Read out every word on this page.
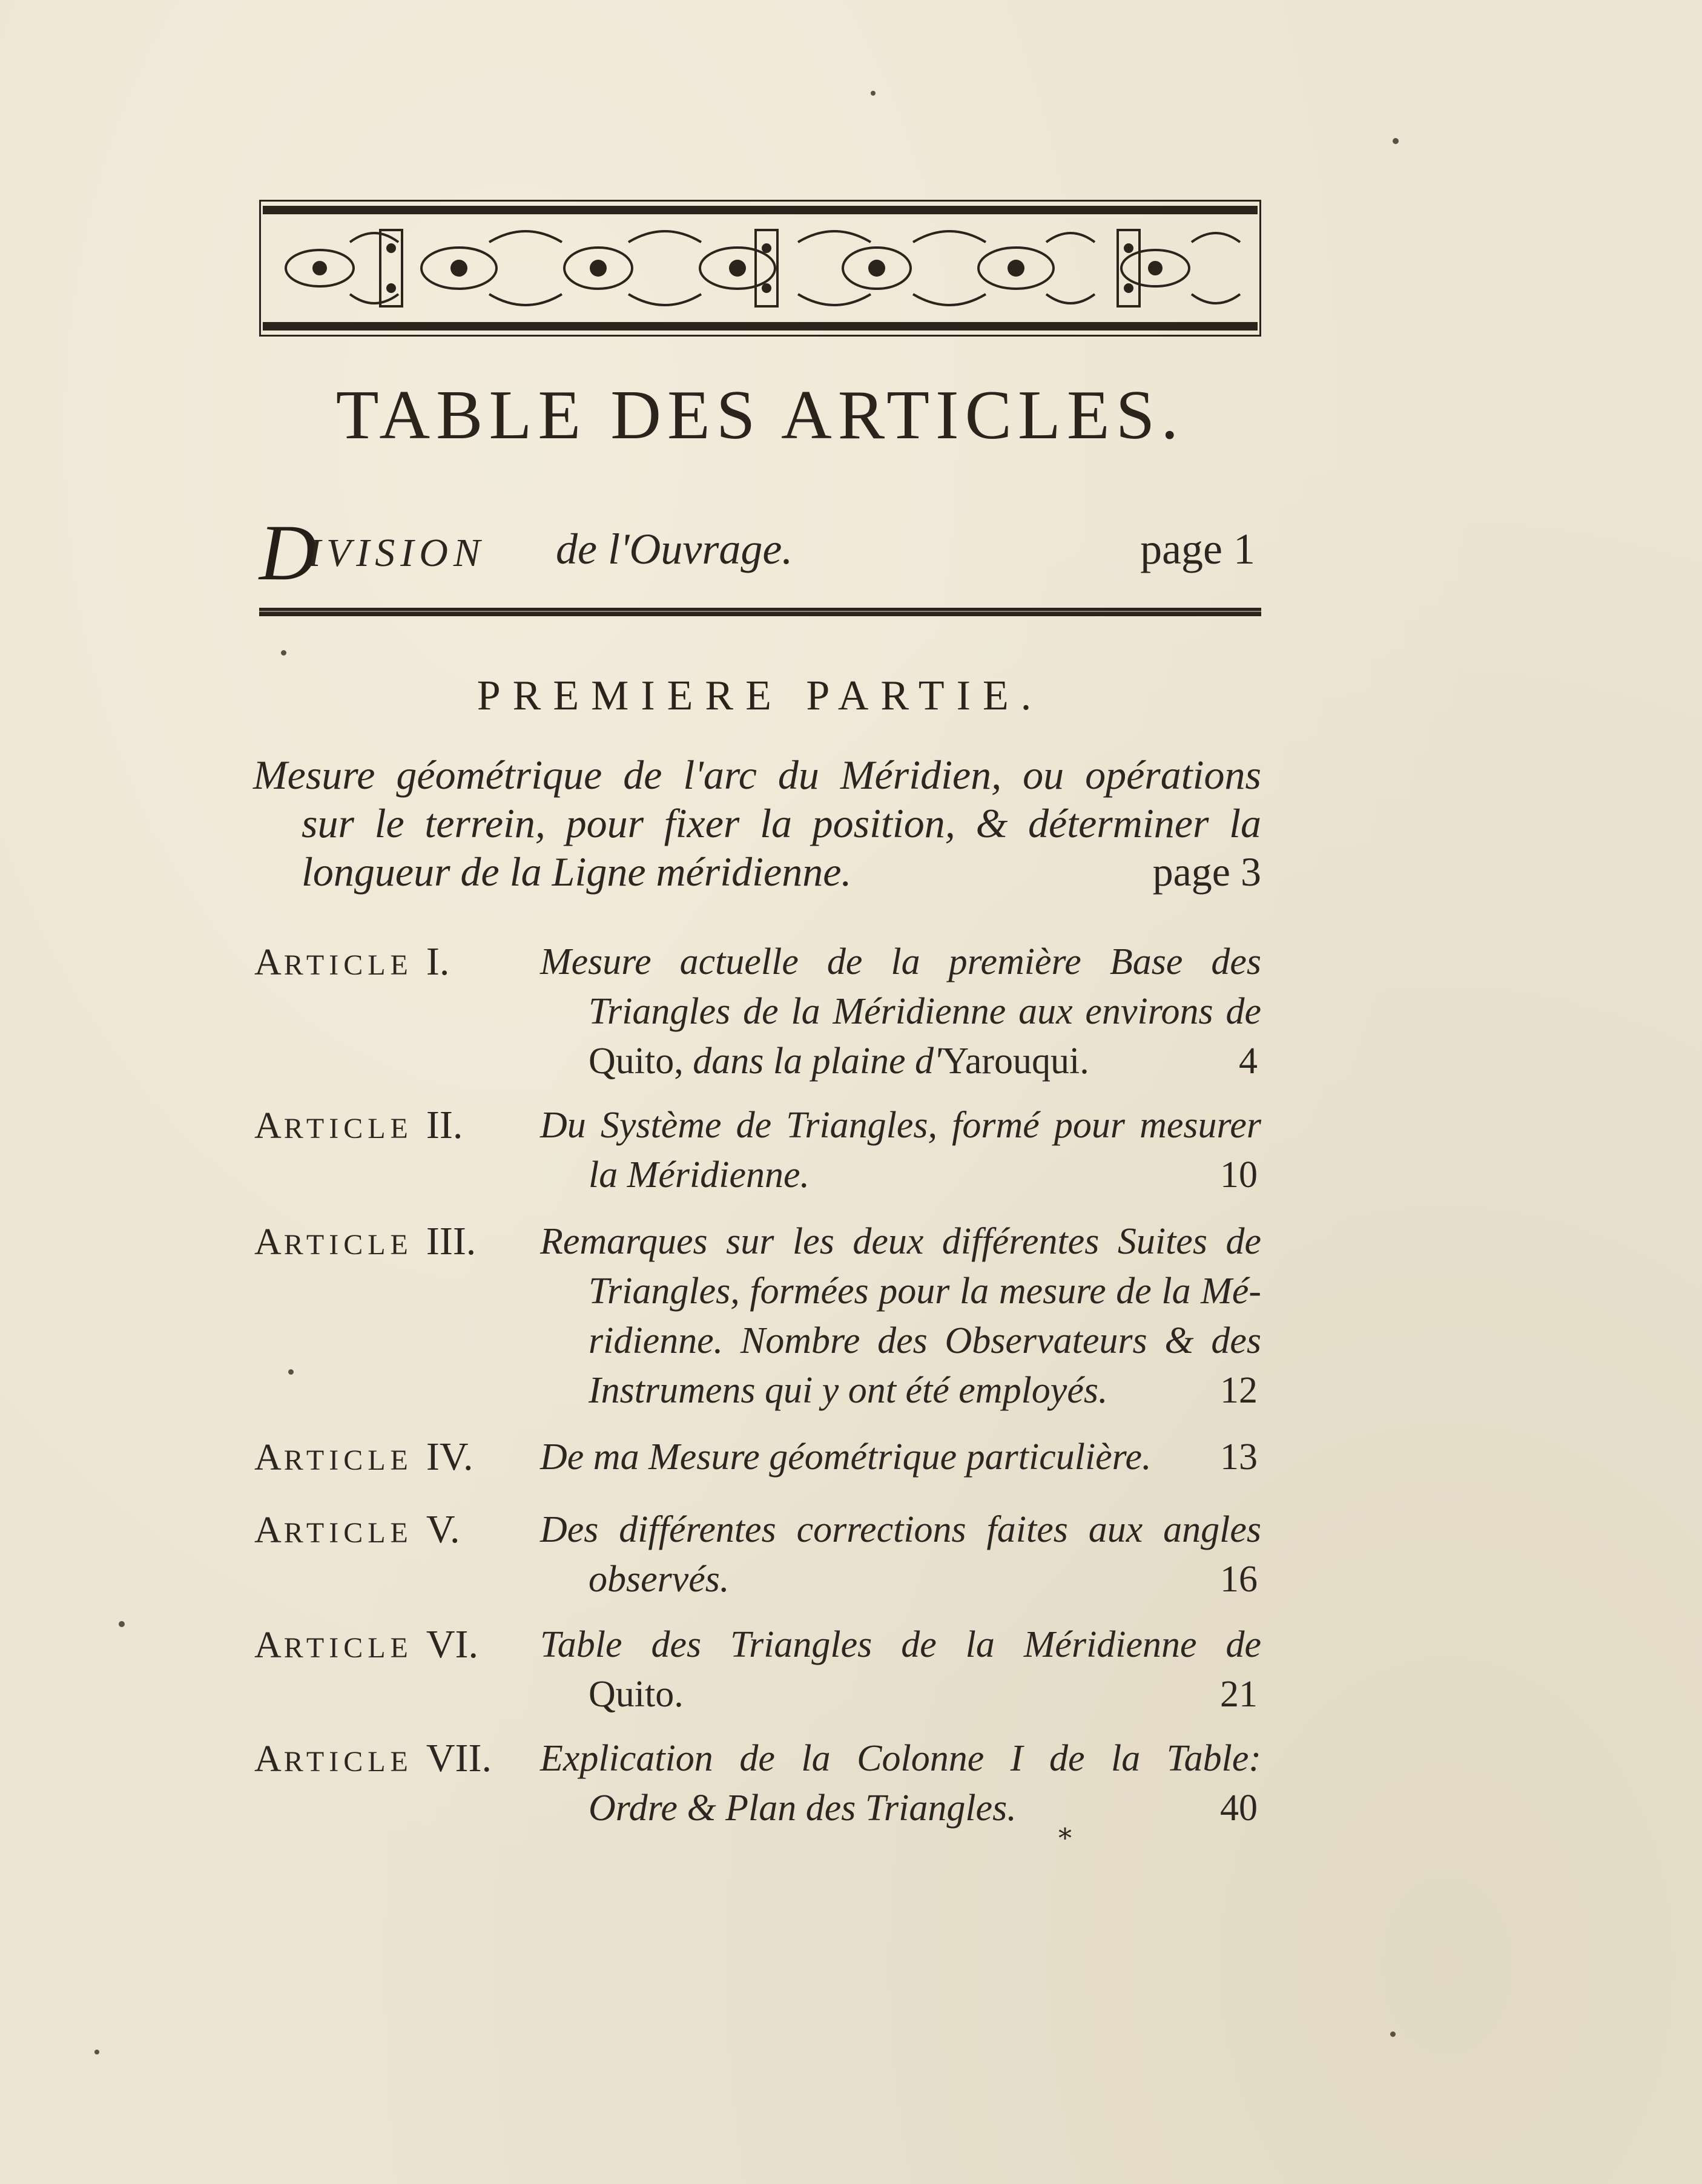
TABLE DES ARTICLES.
D
IVISION de l'Ouvrage.	page 1
PREMIERE PARTIE.
Mesure géométrique de l'arc du Méridien, ou opérations
sur le terrein, pour fixer la position, & déterminer la
longueur de la Ligne méridienne.	page 3
ARTICLE I. Mesure actuelle de la première Base des
Triangles de la Méridienne aux environs de
Quito, dans la plaine d'Yarouqui.	4
ARTICLE II. Du Système de Triangles, formé pour mesurer
la Méridienne.	10
ARTICLE III. Remarques sur les deux différentes Suites de
Triangles, formées pour la mesure de la Mé-
ridienne. Nombre des Observateurs & des
Instrumens qui y ont été employés.	12
ARTICLE IV. De ma Mesure géométrique particulière. 13
ARTICLE V. Des différentes corrections faites aux angles
observés.	16
ARTICLE VI. Table des Triangles de la Méridienne de
Quito.	21
ARTICLE VII. Explication de la Colonne I de la Table:
Ordre & Plan des Triangles.	40
*
